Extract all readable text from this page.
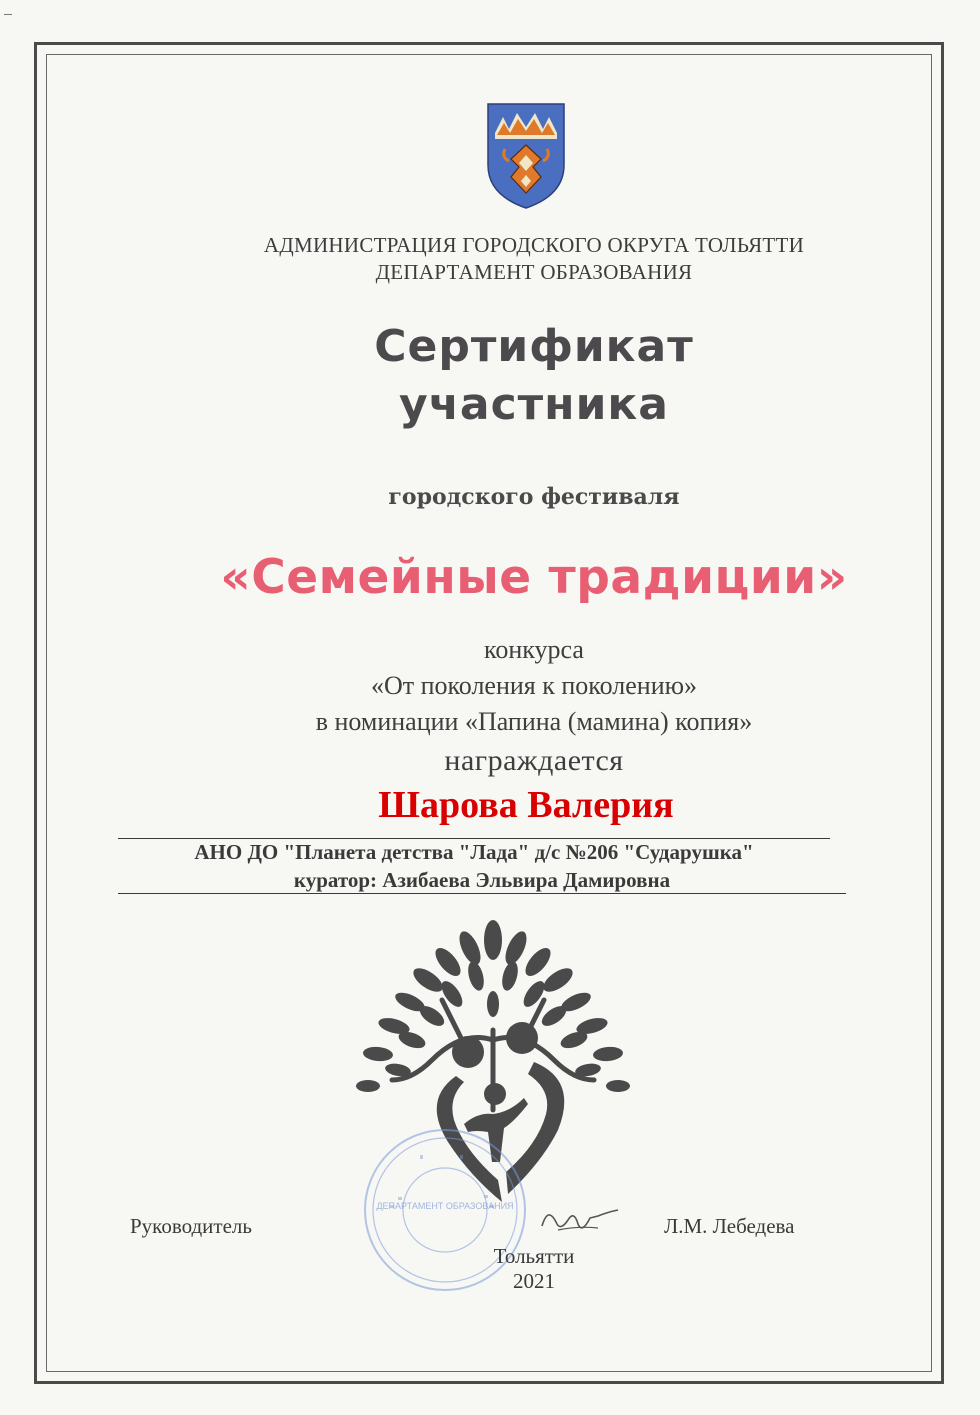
АДМИНИСТРАЦИЯ ГОРОДСКОГО ОКРУГА ТОЛЬЯТТИ
ДЕПАРТАМЕНТ ОБРАЗОВАНИЯ
Сертификат
участника
городского фестиваля
«Семейные традиции»
конкурса
«От поколения к поколению»
в номинации «Папина (мамина) копия»
награждается
Шарова Валерия
АНО ДО "Планета детства "Лада" д/с №206 "Сударушка"
куратор: Азибаева Эльвира Дамировна
ДЕПАРТАМЕНТ ОБРАЗОВАНИЯ
Руководитель	Л.М. Лебедева
Тольятти
2021
